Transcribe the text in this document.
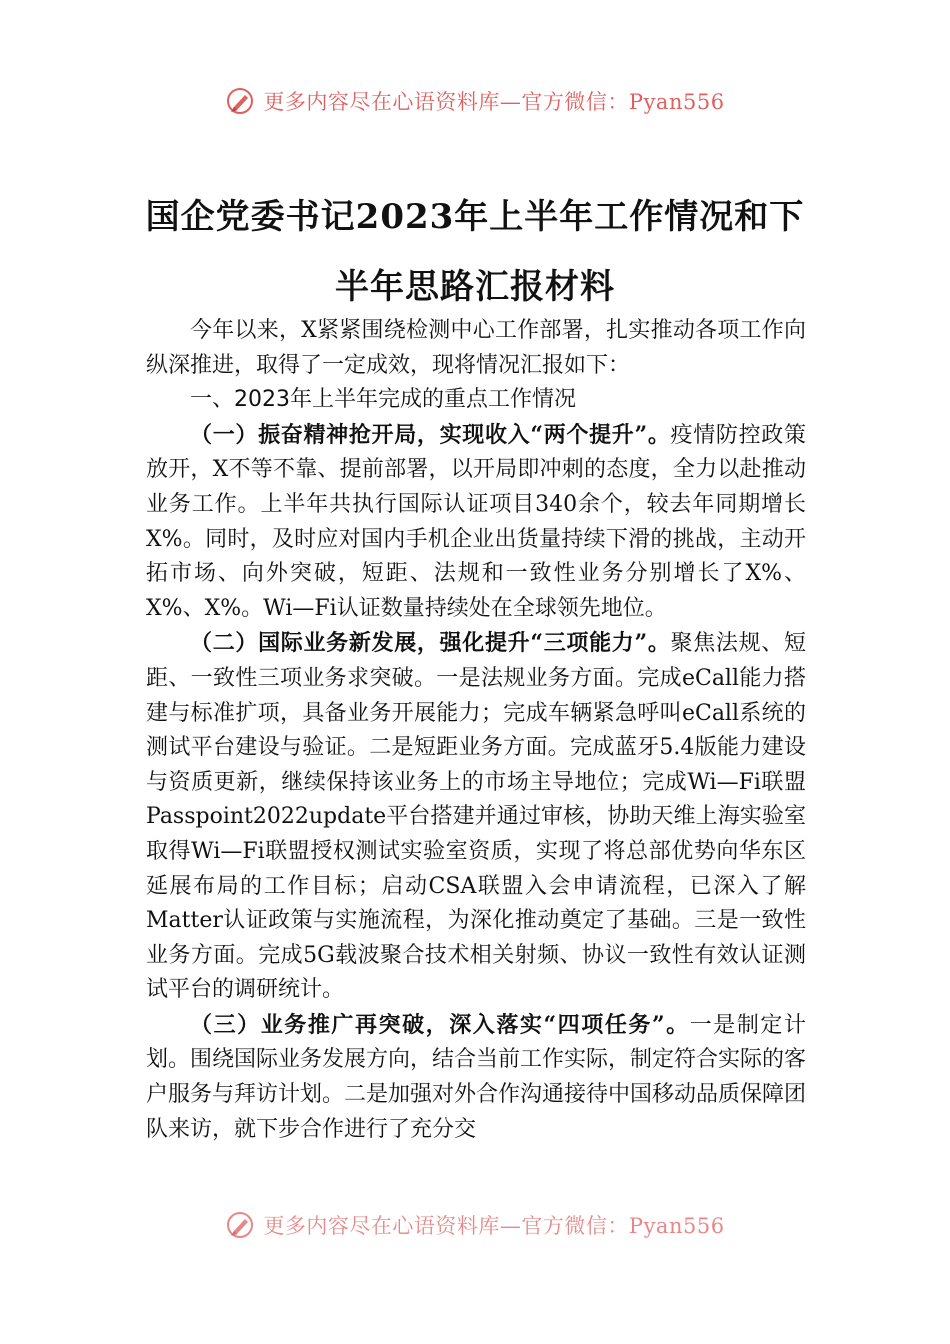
更多内容尽在心语资料库—官方微信：Pyan556
国企党委书记2023年上半年工作情况和下半年思路汇报材料

今年以来，X紧紧围绕检测中心工作部署，扎实推动各项工作向纵深推进，取得了一定成效，现将情况汇报如下：

一、2023年上半年完成的重点工作情况

（一）振奋精神抢开局，实现收入“两个提升”。疫情防控政策放开，X不等不靠、提前部署，以开局即冲刺的态度，全力以赴推动业务工作。上半年共执行国际认证项目340余个，较去年同期增长X%。同时，及时应对国内手机企业出货量持续下滑的挑战，主动开拓市场、向外突破，短距、法规和一致性业务分别增长了X%、X%、X%。Wi—Fi认证数量持续处在全球领先地位。

（二）国际业务新发展，强化提升“三项能力”。聚焦法规、短距、一致性三项业务求突破。一是法规业务方面。完成eCall能力搭建与标准扩项，具备业务开展能力；完成车辆紧急呼叫eCall系统的测试平台建设与验证。二是短距业务方面。完成蓝牙5.4版能力建设与资质更新，继续保持该业务上的市场主导地位；完成Wi—Fi联盟Passpoint2022update平台搭建并通过审核，协助天维上海实验室取得Wi—Fi联盟授权测试实验室资质，实现了将总部优势向华东区延展布局的工作目标；启动CSA联盟入会申请流程，已深入了解Matter认证政策与实施流程，为深化推动奠定了基础。三是一致性业务方面。完成5G载波聚合技术相关射频、协议一致性有效认证测试平台的调研统计。

（三）业务推广再突破，深入落实“四项任务”。一是制定计划。围绕国际业务发展方向，结合当前工作实际，制定符合实际的客户服务与拜访计划。二是加强对外合作沟通接待中国移动品质保障团队来访，就下步合作进行了充分交

更多内容尽在心语资料库—官方微信：Pyan556
